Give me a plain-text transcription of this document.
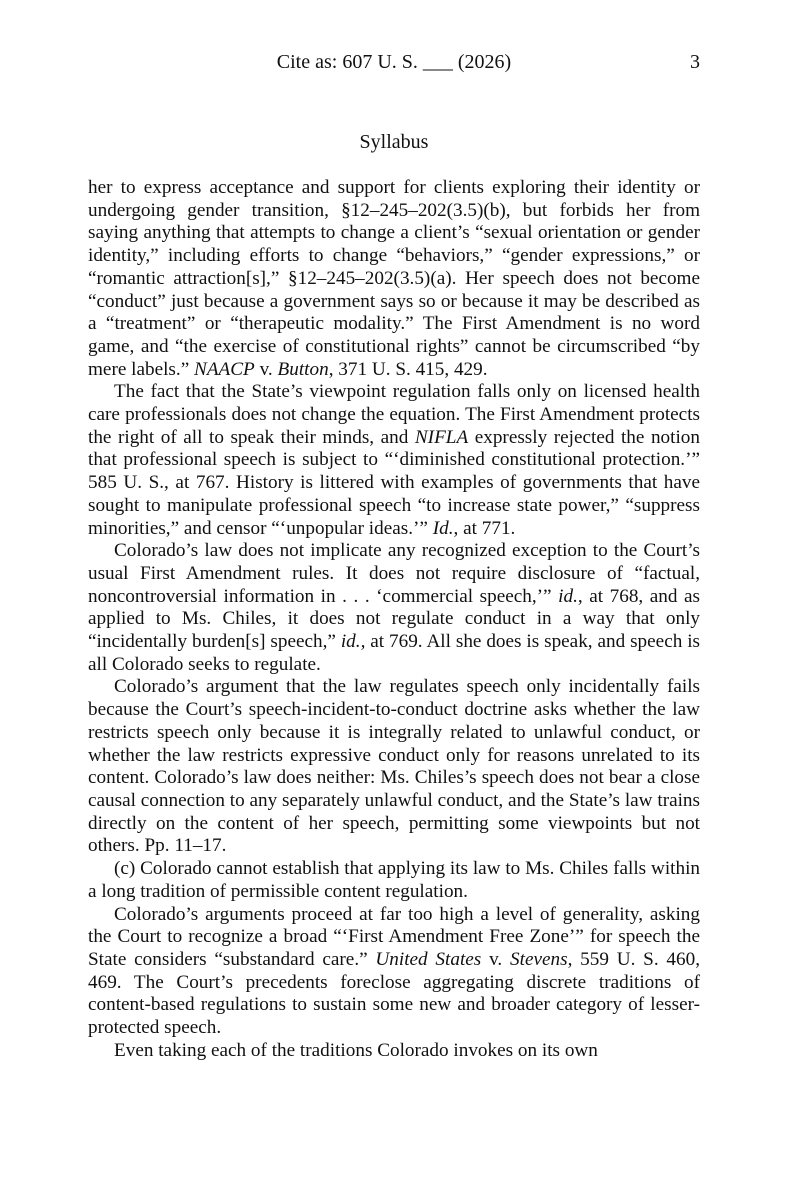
Cite as: 607 U. S. ___ (2026)	3
Syllabus

her to express acceptance and support for clients exploring their identity or undergoing gender transition, §12–245–202(3.5)(b), but forbids her from saying anything that attempts to change a client’s “sexual orientation or gender identity,” including efforts to change “behaviors,” “gender expressions,” or “romantic attraction[s],” §12–245–202(3.5)(a). Her speech does not become “conduct” just because a government says so or because it may be described as a “treatment” or “therapeutic modality.” The First Amendment is no word game, and “the exercise of constitutional rights” cannot be circumscribed “by mere labels.” NAACP v. Button, 371 U. S. 415, 429.

The fact that the State’s viewpoint regulation falls only on licensed health care professionals does not change the equation. The First Amendment protects the right of all to speak their minds, and NIFLA expressly rejected the notion that professional speech is subject to “‘diminished constitutional protection.’” 585 U. S., at 767. History is littered with examples of governments that have sought to manipulate professional speech “to increase state power,” “suppress minorities,” and censor “‘unpopular ideas.’” Id., at 771.

Colorado’s law does not implicate any recognized exception to the Court’s usual First Amendment rules. It does not require disclosure of “factual, noncontroversial information in . . . ‘commercial speech,’” id., at 768, and as applied to Ms. Chiles, it does not regulate conduct in a way that only “incidentally burden[s] speech,” id., at 769. All she does is speak, and speech is all Colorado seeks to regulate.

Colorado’s argument that the law regulates speech only incidentally fails because the Court’s speech-incident-to-conduct doctrine asks whether the law restricts speech only because it is integrally related to unlawful conduct, or whether the law restricts expressive conduct only for reasons unrelated to its content. Colorado’s law does neither: Ms. Chiles’s speech does not bear a close causal connection to any separately unlawful conduct, and the State’s law trains directly on the content of her speech, permitting some viewpoints but not others. Pp. 11–17.

(c) Colorado cannot establish that applying its law to Ms. Chiles falls within a long tradition of permissible content regulation.

Colorado’s arguments proceed at far too high a level of generality, asking the Court to recognize a broad “‘First Amendment Free Zone’” for speech the State considers “substandard care.” United States v. Stevens, 559 U. S. 460, 469. The Court’s precedents foreclose aggregating discrete traditions of content-based regulations to sustain some new and broader category of lesser-protected speech.

Even taking each of the traditions Colorado invokes on its own
